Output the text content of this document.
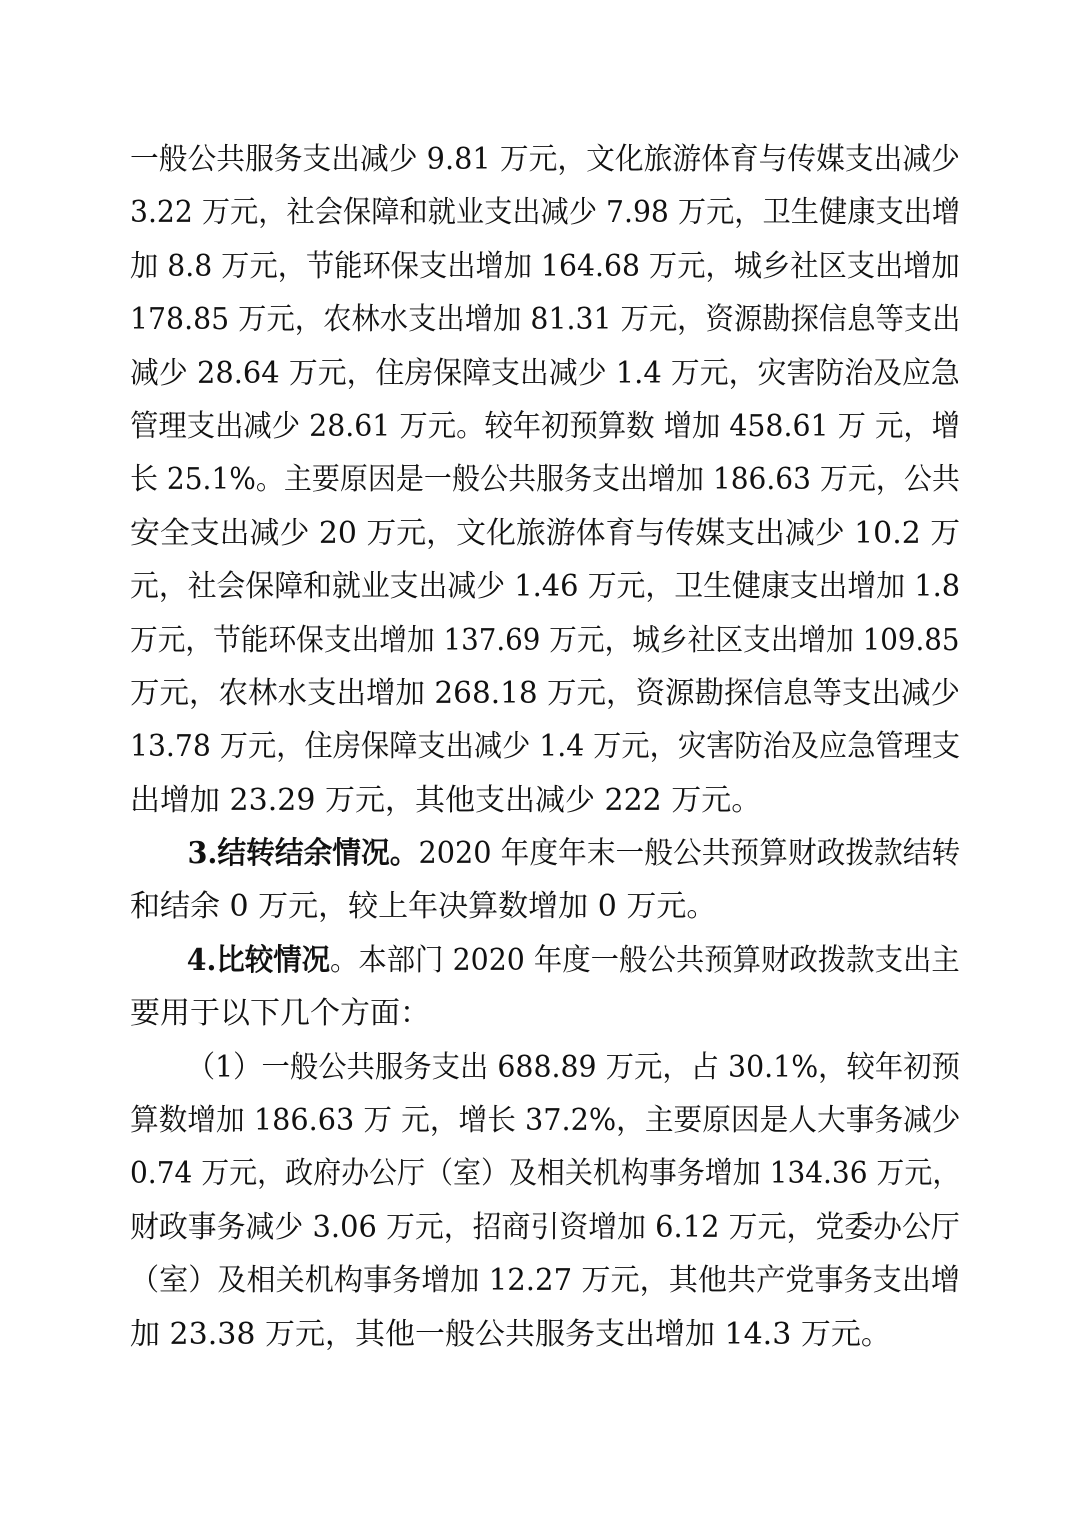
一般公共服务支出减少 9.81 万元，文化旅游体育与传媒支出减少
3.22 万元，社会保障和就业支出减少 7.98 万元，卫生健康支出增
加 8.8 万元，节能环保支出增加 164.68 万元，城乡社区支出增加
178.85 万元，农林水支出增加 81.31 万元，资源勘探信息等支出
减少 28.64 万元，住房保障支出减少 1.4 万元，灾害防治及应急
管理支出减少 28.61 万元。较年初预算数 增加 458.61 万 元，增
长 25.1%。主要原因是一般公共服务支出增加 186.63 万元，公共
安全支出减少 20 万元，文化旅游体育与传媒支出减少 10.2 万
元，社会保障和就业支出减少 1.46 万元，卫生健康支出增加 1.8
万元，节能环保支出增加 137.69 万元，城乡社区支出增加 109.85
万元，农林水支出增加 268.18 万元，资源勘探信息等支出减少
13.78 万元，住房保障支出减少 1.4 万元，灾害防治及应急管理支
出增加 23.29 万元，其他支出减少 222 万元。
3.结转结余情况。2020 年度年末一般公共预算财政拨款结转
和结余 0 万元，较上年决算数增加 0 万元。
4.比较情况。本部门 2020 年度一般公共预算财政拨款支出主
要用于以下几个方面：
（1）一般公共服务支出 688.89 万元，占 30.1%，较年初预
算数增加 186.63 万 元，增长 37.2%，主要原因是人大事务减少
0.74 万元，政府办公厅（室）及相关机构事务增加 134.36 万元，
财政事务减少 3.06 万元，招商引资增加 6.12 万元，党委办公厅
（室）及相关机构事务增加 12.27 万元，其他共产党事务支出增
加 23.38 万元，其他一般公共服务支出增加 14.3 万元。
